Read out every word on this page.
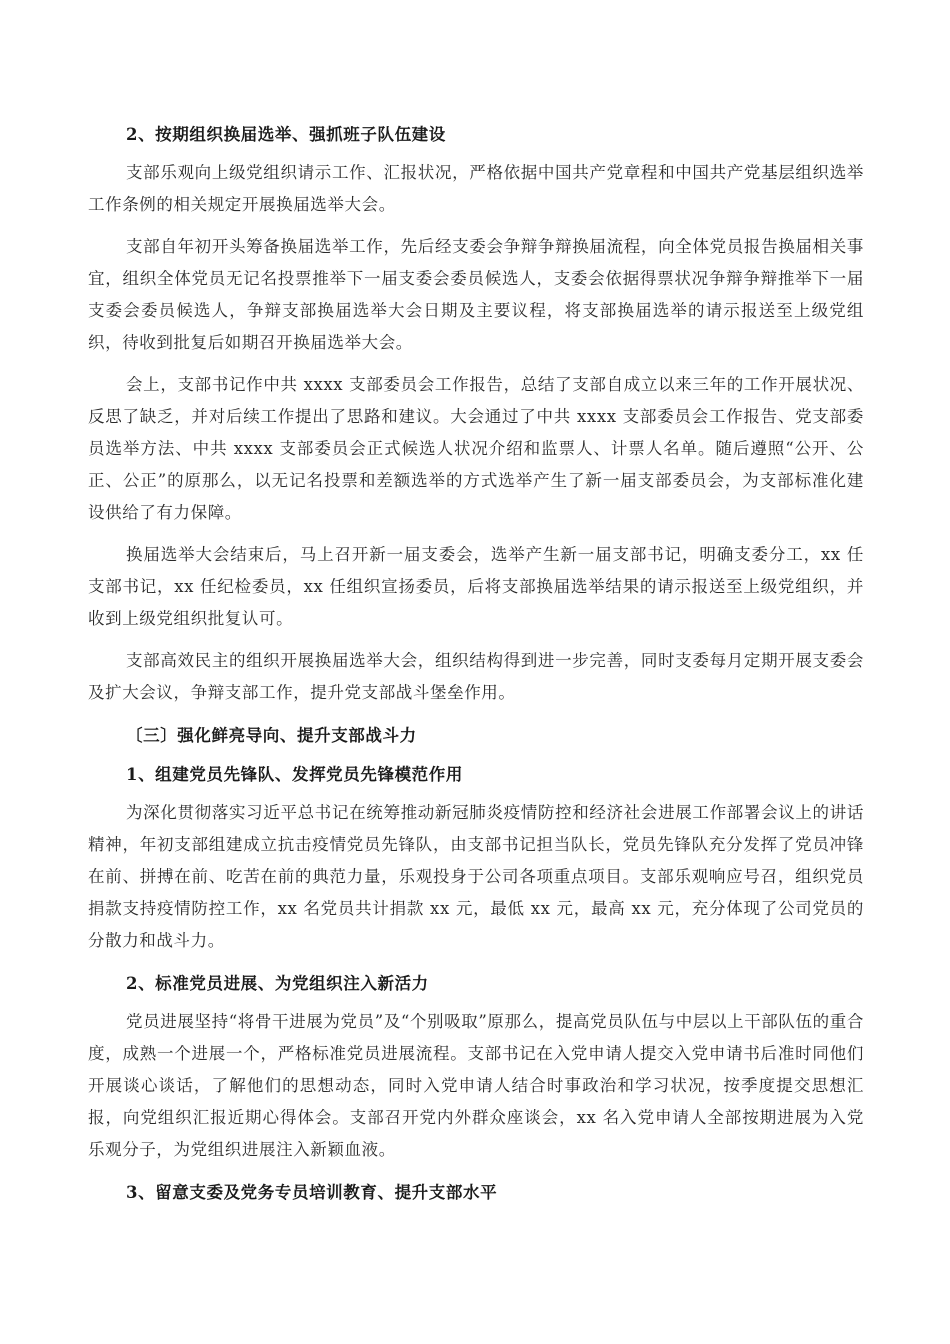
2、按期组织换届选举、强抓班子队伍建设

支部乐观向上级党组织请示工作、汇报状况，严格依据中国共产党章程和中国共产党基层组织选举工作条例的相关规定开展换届选举大会。

支部自年初开头筹备换届选举工作，先后经支委会争辩争辩换届流程，向全体党员报告换届相关事宜，组织全体党员无记名投票推举下一届支委会委员候选人，支委会依据得票状况争辩争辩推举下一届支委会委员候选人，争辩支部换届选举大会日期及主要议程，将支部换届选举的请示报送至上级党组织，待收到批复后如期召开换届选举大会。

会上，支部书记作中共 xxxx 支部委员会工作报告，总结了支部自成立以来三年的工作开展状况、反思了缺乏，并对后续工作提出了思路和建议。大会通过了中共 xxxx 支部委员会工作报告、党支部委员选举方法、中共 xxxx 支部委员会正式候选人状况介绍和监票人、计票人名单。随后遵照“公开、公正、公正”的原那么，以无记名投票和差额选举的方式选举产生了新一届支部委员会，为支部标准化建设供给了有力保障。

换届选举大会结束后，马上召开新一届支委会，选举产生新一届支部书记，明确支委分工，xx 任支部书记，xx 任纪检委员，xx 任组织宣扬委员，后将支部换届选举结果的请示报送至上级党组织，并收到上级党组织批复认可。

支部高效民主的组织开展换届选举大会，组织结构得到进一步完善，同时支委每月定期开展支委会及扩大会议，争辩支部工作，提升党支部战斗堡垒作用。

〔三〕强化鲜亮导向、提升支部战斗力
1、组建党员先锋队、发挥党员先锋模范作用

为深化贯彻落实习近平总书记在统筹推动新冠肺炎疫情防控和经济社会进展工作部署会议上的讲话精神，年初支部组建成立抗击疫情党员先锋队，由支部书记担当队长，党员先锋队充分发挥了党员冲锋在前、拼搏在前、吃苦在前的典范力量，乐观投身于公司各项重点项目。支部乐观响应号召，组织党员捐款支持疫情防控工作，xx 名党员共计捐款 xx 元，最低 xx 元，最高 xx 元，充分体现了公司党员的分散力和战斗力。

2、标准党员进展、为党组织注入新活力

党员进展坚持“将骨干进展为党员”及“个别吸取”原那么，提高党员队伍与中层以上干部队伍的重合度，成熟一个进展一个，严格标准党员进展流程。支部书记在入党申请人提交入党申请书后准时同他们开展谈心谈话，了解他们的思想动态，同时入党申请人结合时事政治和学习状况，按季度提交思想汇报，向党组织汇报近期心得体会。支部召开党内外群众座谈会，xx 名入党申请人全部按期进展为入党乐观分子，为党组织进展注入新颖血液。

3、留意支委及党务专员培训教育、提升支部水平
